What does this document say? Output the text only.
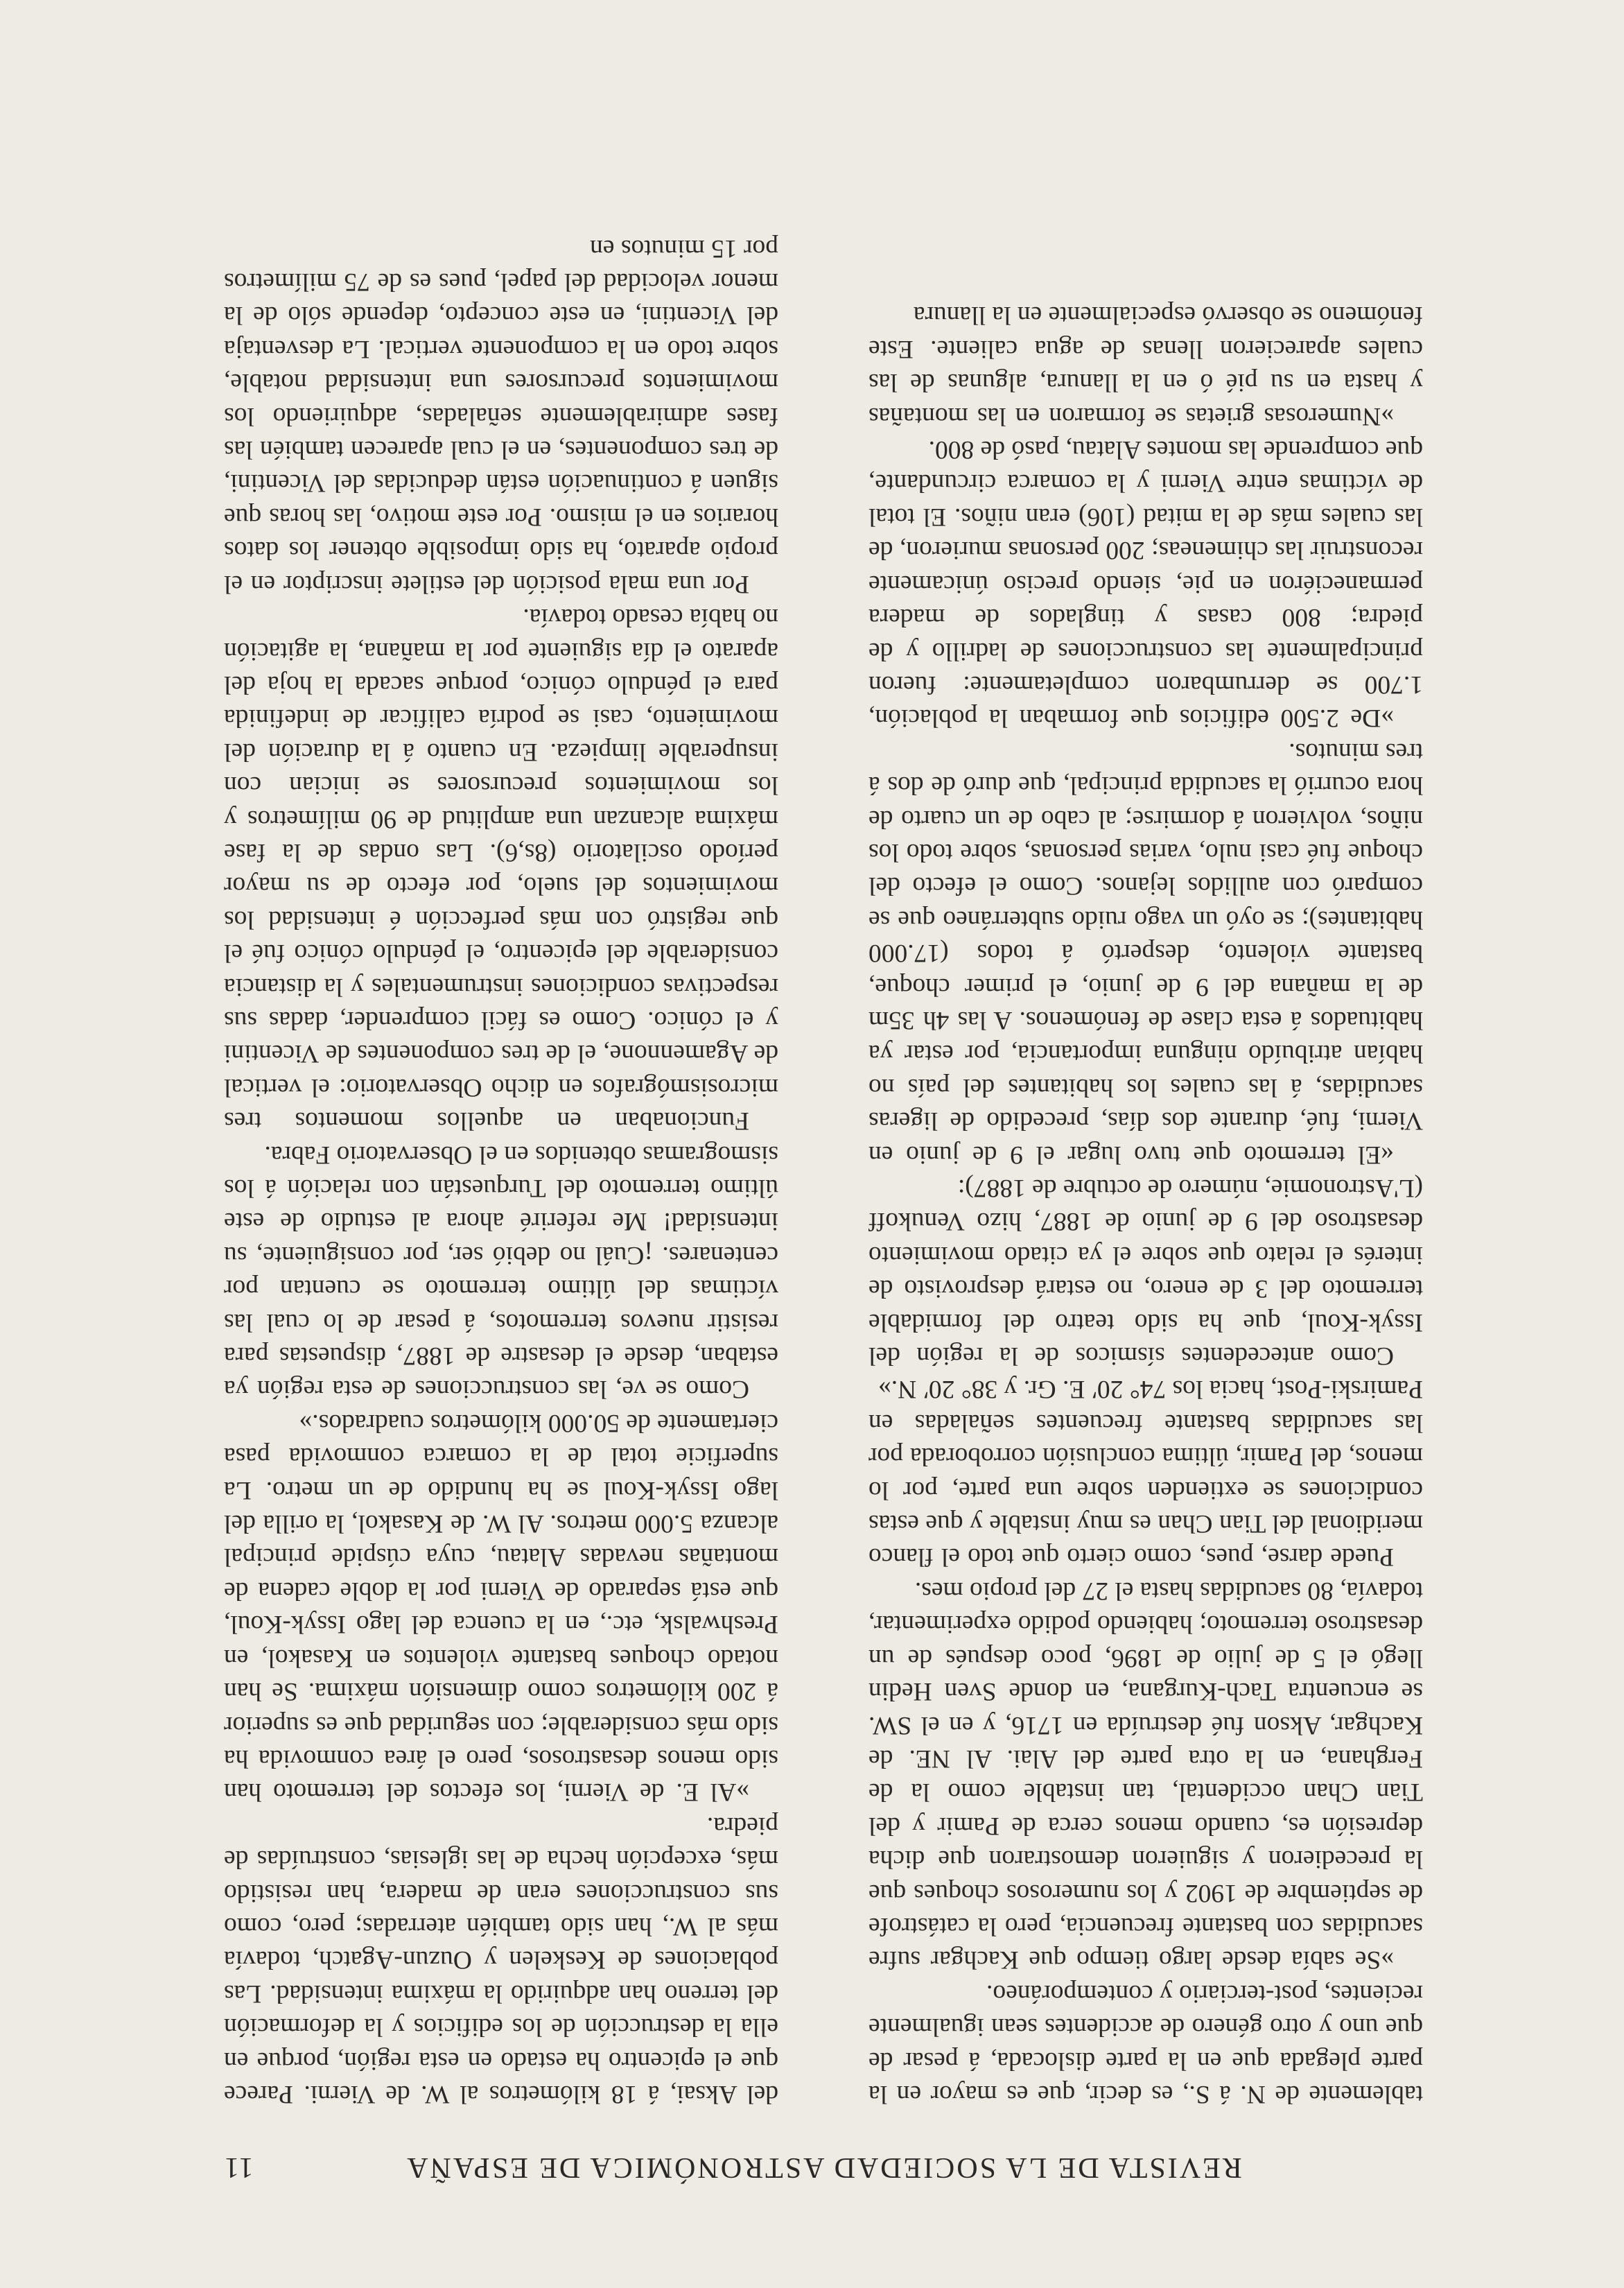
REVISTA DE LA SOCIEDAD ASTRONÓMICA DE ESPAÑA
11

tablemente de N. á S., es decir, que es mayor en la parte plegada que en la parte dislocada, á pesar de que uno y otro género de accidentes sean igualmente recientes, post-terciario y contemporáneo.

»Se sabía desde largo tiempo que Kachgar sufre sacudidas con bastante frecuencia, pero la catástrofe de septiembre de 1902 y los numerosos choques que la precedieron y siguieron demostraron que dicha depresión es, cuando menos cerca de Pamir y del Tian Chan occidental, tan instable como la de Ferghana, en la otra parte del Alai. Al NE. de Kachgar, Akson fué destruída en 1716, y en el SW. se encuentra Tach-Kurgana, en donde Sven Hedin llegó el 5 de julio de 1896, poco después de un desastroso terremoto; habiendo podido experimentar, todavía, 80 sacudidas hasta el 27 del propio mes.

Puede darse, pues, como cierto que todo el flanco meridional del Tian Chan es muy instable y que estas condiciones se extienden sobre una parte, por lo menos, del Pamir, última conclusión corroborada por las sacudidas bastante frecuentes señaladas en Pamirski-Post, hacia los 74° 20′ E. Gr. y 38° 20′ N.»

Como antecedentes sísmicos de la región del Issyk-Koul, que ha sido teatro del formidable terremoto del 3 de enero, no estará desprovisto de interés el relato que sobre el ya citado movimiento desastroso del 9 de junio de 1887, hizo Venukoff (L'Astronomie, número de octubre de 1887):

«El terremoto que tuvo lugar el 9 de junio en Vierni, fué, durante dos días, precedido de ligeras sacudidas, á las cuales los habitantes del país no habían atribuído ninguna importancia, por estar ya habituados á esta clase de fenómenos. A las 4h 35m de la mañana del 9 de junio, el primer choque, bastante violento, despertó á todos (17.000 habitantes); se oyó un vago ruido subterráneo que se comparó con aullidos lejanos. Como el efecto del choque fué casi nulo, varias personas, sobre todo los niños, volvieron á dormirse; al cabo de un cuarto de hora ocurrió la sacudida principal, que duró de dos á tres minutos.

»De 2.500 edificios que formaban la población, 1.700 se derrumbaron completamente: fueron principalmente las construcciones de ladrillo y de piedra; 800 casas y tinglados de madera permaneciéron en pie, siendo preciso únicamente reconstruir las chimeneas; 200 personas murieron, de las cuales más de la mitad (106) eran niños. El total de víctimas entre Vierni y la comarca circundante, que comprende las montes Alatau, pasó de 800.

»Numerosas grietas se formaron en las montañas y hasta en su pié ó en la llanura, algunas de las cuales aparecieron llenas de agua caliente. Este fenómeno se observó especialmente en la llanura

del Aksai, á 18 kilómetros al W. de Vierni. Parece que el epicentro ha estado en esta región, porque en ella la destrucción de los edificios y la deformación del terreno han adquirido la máxima intensidad. Las poblaciones de Keskelen y Ouzun-Agatch, todavía más al W., han sido también aterradas; pero, como sus construcciones eran de madera, han resistido más, excepción hecha de las iglesias, construídas de piedra.

»Al E. de Vierni, los efectos del terremoto han sido menos desastrosos, pero el área conmovida ha sido más considerable; con seguridad que es superior á 200 kilómetros como dimensión máxima. Se han notado choques bastante violentos en Kasakol, en Preshwalsk, etc., en la cuenca del lago Issyk-Koul, que está separado de Vierni por la doble cadena de montañas nevadas Alatau, cuya cúspide principal alcanza 5.000 metros. Al W. de Kasakol, la orilla del lago Issyk-Koul se ha hundido de un metro. La superficie total de la comarca conmovida pasa ciertamente de 50.000 kilómetros cuadrados.»

Como se ve, las construcciones de esta región ya estaban, desde el desastre de 1887, dispuestas para resistir nuevos terremotos, á pesar de lo cual las víctimas del último terremoto se cuentan por centenares. ¡Cuál no debió ser, por consiguiente, su intensidad! Me referiré ahora al estudio de este último terremoto del Turquestán con relación á los sismogramas obtenidos en el Observatorio Fabra.

Funcionaban en aquellos momentos tres microsismógrafos en dicho Observatorio: el vertical de Agamennone, el de tres componentes de Vicentini y el cónico. Como es fácil comprender, dadas sus respectivas condiciones instrumentales y la distancia considerable del epicentro, el péndulo cónico fué el que registró con más perfección é intensidad los movimientos del suelo, por efecto de su mayor período oscilatorio (8s,6). Las ondas de la fase máxima alcanzan una amplitud de 90 milímetros y los movimientos precursores se inician con insuperable limpieza. En cuanto á la duración del movimiento, casi se podría calificar de indefinida para el péndulo cónico, porque sacada la hoja del aparato el día siguiente por la mañana, la agitación no había cesado todavía.

Por una mala posición del estilete inscriptor en el propio aparato, ha sido imposible obtener los datos horarios en el mismo. Por este motivo, las horas que siguen á continuación están deducidas del Vicentini, de tres componentes, en el cual aparecen también las fases admirablemente señaladas, adquiriendo los movimientos precursores una intensidad notable, sobre todo en la componente vertical. La desventaja del Vicentini, en este concepto, depende sólo de la menor velocidad del papel, pues es de 75 milímetros por 15 minutos en
